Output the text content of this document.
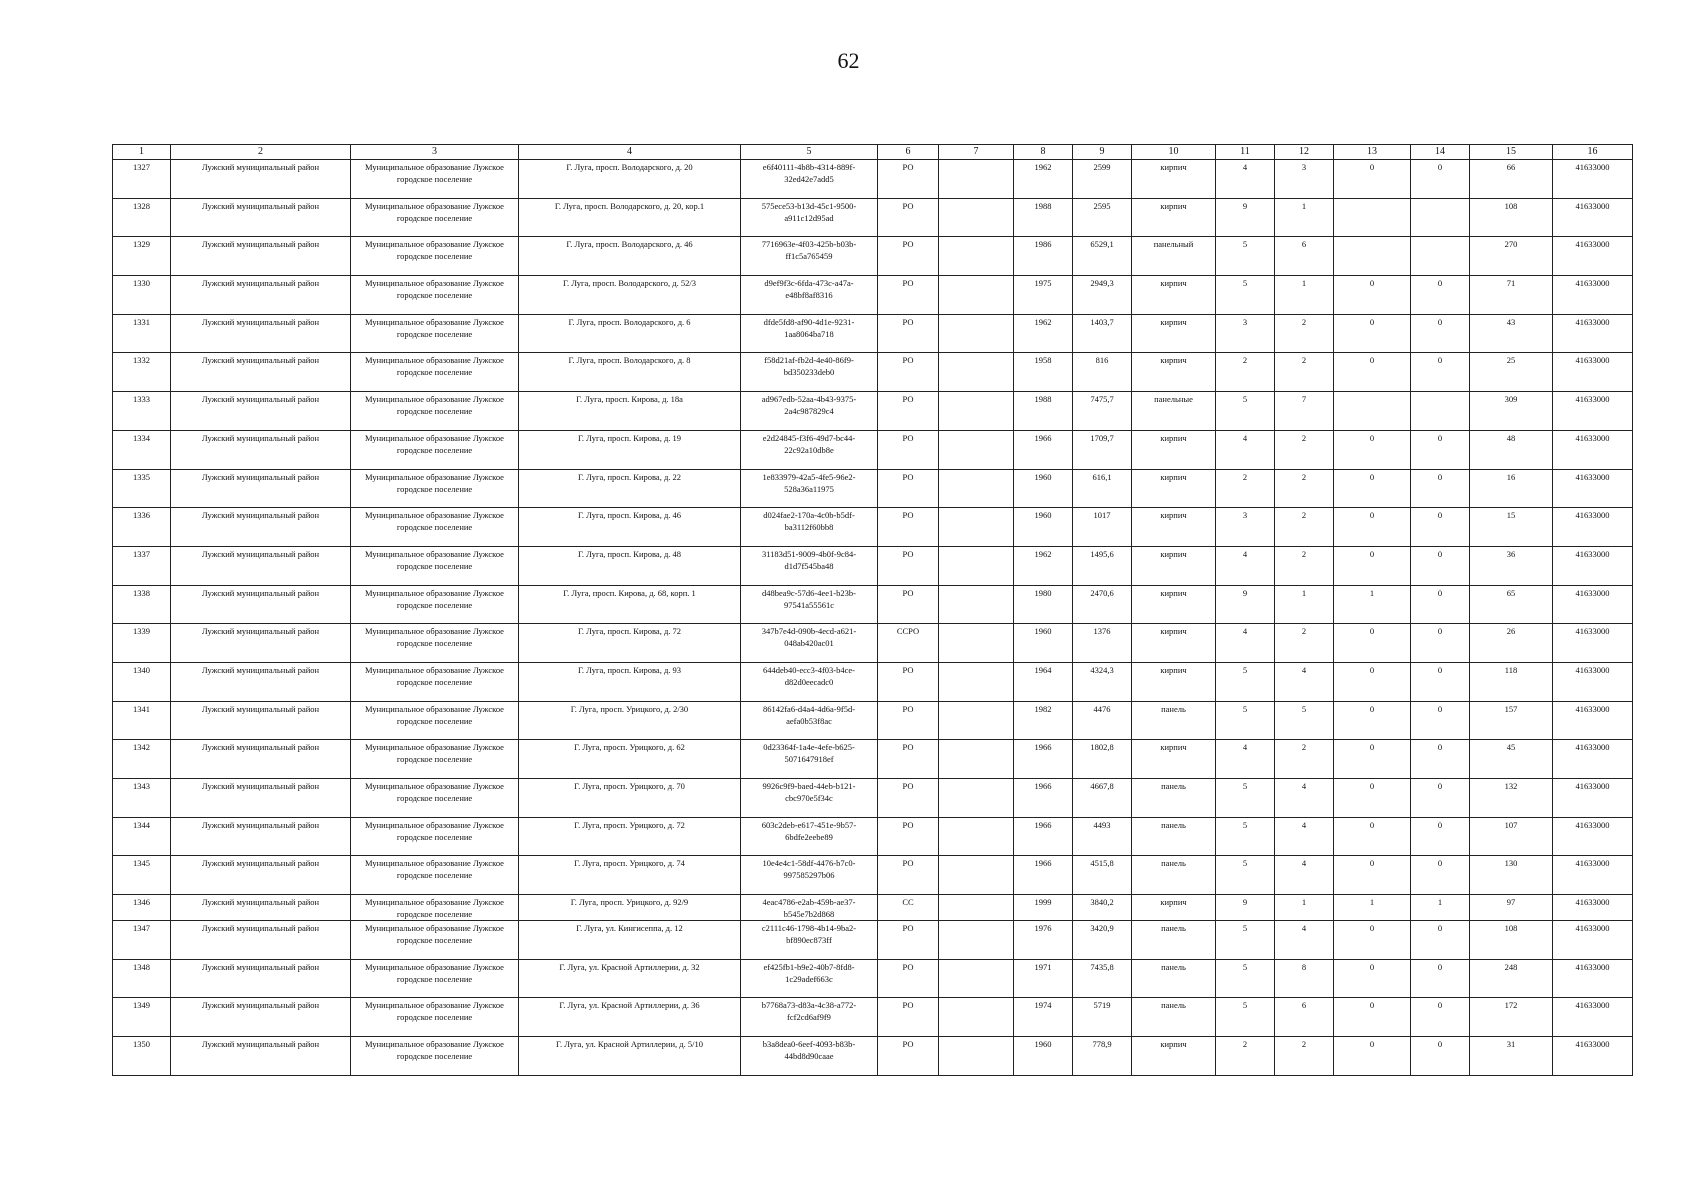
62
1	2	3	4	5	6	7	8	9	10	11	12	13	14	15	16
1327	Лужский муниципальный район	Муниципальное образование Лужское городское поселение	Г. Луга, просп. Володарского, д. 20	e6f40111-4b8b-4314-889f-32ed42e7add5	РО		1962	2599	кирпич	4	3	0	0	66	41633000
1328	Лужский муниципальный район	Муниципальное образование Лужское городское поселение	Г. Луга, просп. Володарского, д. 20, кор.1	575ece53-b13d-45c1-9500-a911c12d95ad	РО		1988	2595	кирпич	9	1			108	41633000
1329	Лужский муниципальный район	Муниципальное образование Лужское городское поселение	Г. Луга, просп. Володарского, д. 46	7716963e-4f03-425b-b03b-ff1c5a765459	РО		1986	6529,1	панельный	5	6			270	41633000
1330	Лужский муниципальный район	Муниципальное образование Лужское городское поселение	Г. Луга, просп. Володарского, д. 52/3	d9ef9f3c-6fda-473c-a47a-e48bf8af8316	РО		1975	2949,3	кирпич	5	1	0	0	71	41633000
1331	Лужский муниципальный район	Муниципальное образование Лужское городское поселение	Г. Луга, просп. Володарского, д. 6	dfde5fd8-af90-4d1e-9231-1aa8064ba718	РО		1962	1403,7	кирпич	3	2	0	0	43	41633000
1332	Лужский муниципальный район	Муниципальное образование Лужское городское поселение	Г. Луга, просп. Володарского, д. 8	f58d21af-fb2d-4e40-86f9-bd350233deb0	РО		1958	816	кирпич	2	2	0	0	25	41633000
1333	Лужский муниципальный район	Муниципальное образование Лужское городское поселение	Г. Луга, просп. Кирова, д. 18а	ad967edb-52aa-4b43-9375-2a4c987829c4	РО		1988	7475,7	панельные	5	7			309	41633000
1334	Лужский муниципальный район	Муниципальное образование Лужское городское поселение	Г. Луга, просп. Кирова, д. 19	e2d24845-f3f6-49d7-bc44-22c92a10db8e	РО		1966	1709,7	кирпич	4	2	0	0	48	41633000
1335	Лужский муниципальный район	Муниципальное образование Лужское городское поселение	Г. Луга, просп. Кирова, д. 22	1e833979-42a5-4fe5-96e2-528a36a11975	РО		1960	616,1	кирпич	2	2	0	0	16	41633000
1336	Лужский муниципальный район	Муниципальное образование Лужское городское поселение	Г. Луга, просп. Кирова, д. 46	d024fae2-170a-4c0b-b5df-ba3112f60bb8	РО		1960	1017	кирпич	3	2	0	0	15	41633000
1337	Лужский муниципальный район	Муниципальное образование Лужское городское поселение	Г. Луга, просп. Кирова, д. 48	31183d51-9009-4b0f-9c84-d1d7f545ba48	РО		1962	1495,6	кирпич	4	2	0	0	36	41633000
1338	Лужский муниципальный район	Муниципальное образование Лужское городское поселение	Г. Луга, просп. Кирова, д. 68, корп. 1	d48bea9c-57d6-4ee1-b23b-97541a55561c	РО		1980	2470,6	кирпич	9	1	1	0	65	41633000
1339	Лужский муниципальный район	Муниципальное образование Лужское городское поселение	Г. Луга, просп. Кирова, д. 72	347b7e4d-090b-4ecd-a621-048ab420ac01	ССРО		1960	1376	кирпич	4	2	0	0	26	41633000
1340	Лужский муниципальный район	Муниципальное образование Лужское городское поселение	Г. Луга, просп. Кирова, д. 93	644deb40-ecc3-4f03-b4ce-d82d0eecadc0	РО		1964	4324,3	кирпич	5	4	0	0	118	41633000
1341	Лужский муниципальный район	Муниципальное образование Лужское городское поселение	Г. Луга, просп. Урицкого, д. 2/30	86142fa6-d4a4-4d6a-9f5d-aefa0b53f8ac	РО		1982	4476	панель	5	5	0	0	157	41633000
1342	Лужский муниципальный район	Муниципальное образование Лужское городское поселение	Г. Луга, просп. Урицкого, д. 62	0d23364f-1a4e-4efe-b625-5071647918ef	РО		1966	1802,8	кирпич	4	2	0	0	45	41633000
1343	Лужский муниципальный район	Муниципальное образование Лужское городское поселение	Г. Луга, просп. Урицкого, д. 70	9926c9f9-baed-44eb-b121-cbc970e5f34c	РО		1966	4667,8	панель	5	4	0	0	132	41633000
1344	Лужский муниципальный район	Муниципальное образование Лужское городское поселение	Г. Луга, просп. Урицкого, д. 72	603c2deb-e617-451e-9b57-6bdfe2eebe89	РО		1966	4493	панель	5	4	0	0	107	41633000
1345	Лужский муниципальный район	Муниципальное образование Лужское городское поселение	Г. Луга, просп. Урицкого, д. 74	10e4e4c1-58df-4476-b7c0-997585297b06	РО		1966	4515,8	панель	5	4	0	0	130	41633000
1346	Лужский муниципальный район	Муниципальное образование Лужское городское поселение	Г. Луга, просп. Урицкого, д. 92/9	4eac4786-e2ab-459b-ae37-b545e7b2d868	СС		1999	3840,2	кирпич	9	1	1	1	97	41633000
1347	Лужский муниципальный район	Муниципальное образование Лужское городское поселение	Г. Луга, ул. Кингисеппа, д. 12	c2111c46-1798-4b14-9ba2-bf890ec873ff	РО		1976	3420,9	панель	5	4	0	0	108	41633000
1348	Лужский муниципальный район	Муниципальное образование Лужское городское поселение	Г. Луга, ул. Красной Артиллерии, д. 32	ef425fb1-b9e2-40b7-8fd8-1c29adef663c	РО		1971	7435,8	панель	5	8	0	0	248	41633000
1349	Лужский муниципальный район	Муниципальное образование Лужское городское поселение	Г. Луга, ул. Красной Артиллерии, д. 36	b7768a73-d83a-4c38-a772-fcf2cd6af9f9	РО		1974	5719	панель	5	6	0	0	172	41633000
1350	Лужский муниципальный район	Муниципальное образование Лужское городское поселение	Г. Луга, ул. Красной Артиллерии, д. 5/10	b3a8dea0-6eef-4093-b83b-44bd8d90caae	РО		1960	778,9	кирпич	2	2	0	0	31	41633000
